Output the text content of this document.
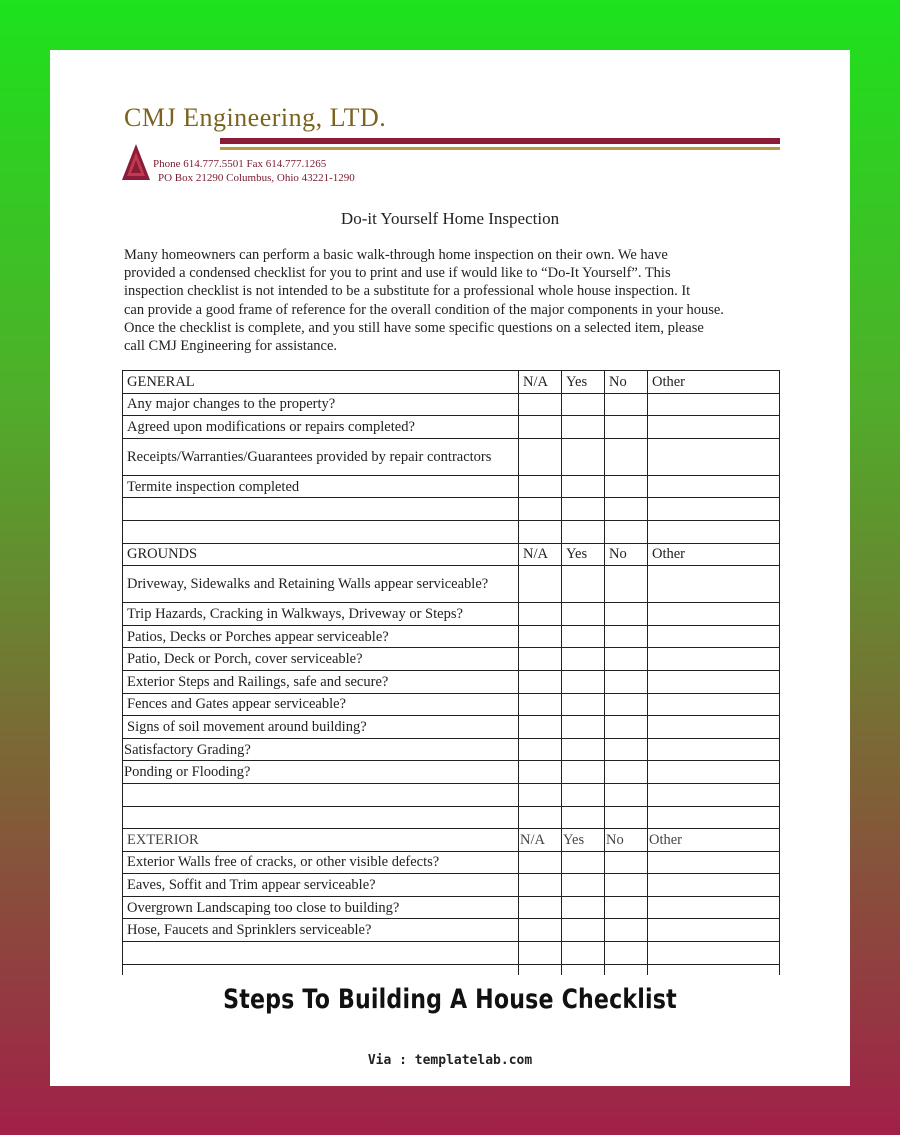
CMJ Engineering, LTD.
Phone 614.777.5501 Fax 614.777.1265
PO Box 21290 Columbus, Ohio 43221-1290
Do-it Yourself Home Inspection

Many homeowners can perform a basic walk-through home inspection on their own. We have

provided a condensed checklist for you to print and use if would like to “Do-It Yourself”. This

inspection checklist is not intended to be a substitute for a professional whole house inspection. It

can provide a good frame of reference for the overall condition of the major components in your house.

Once the checklist is complete, and you still have some specific questions on a selected item, please

call CMJ Engineering for assistance.

GENERAL	N/A	Yes	No	Other
Any major changes to the property?				
Agreed upon modifications or repairs completed?				
Receipts/Warranties/Guarantees provided by repair contractors				
Termite inspection completed				

GROUNDS	N/A	Yes	No	Other
Driveway, Sidewalks and Retaining Walls appear serviceable?				
Trip Hazards, Cracking in Walkways, Driveway or Steps?				
Patios, Decks or Porches appear serviceable?				
Patio, Deck or Porch, cover serviceable?				
Exterior Steps and Railings, safe and secure?				
Fences and Gates appear serviceable?				
Signs of soil movement around building?				
Satisfactory Grading?				
Ponding or Flooding?				

EXTERIOR	N/A	Yes	No	Other
Exterior Walls free of cracks, or other visible defects?				
Eaves, Soffit and Trim appear serviceable?				
Overgrown Landscaping too close to building?				
Hose, Faucets and Sprinklers serviceable?				

Steps To Building A House Checklist
Via : templatelab.com
